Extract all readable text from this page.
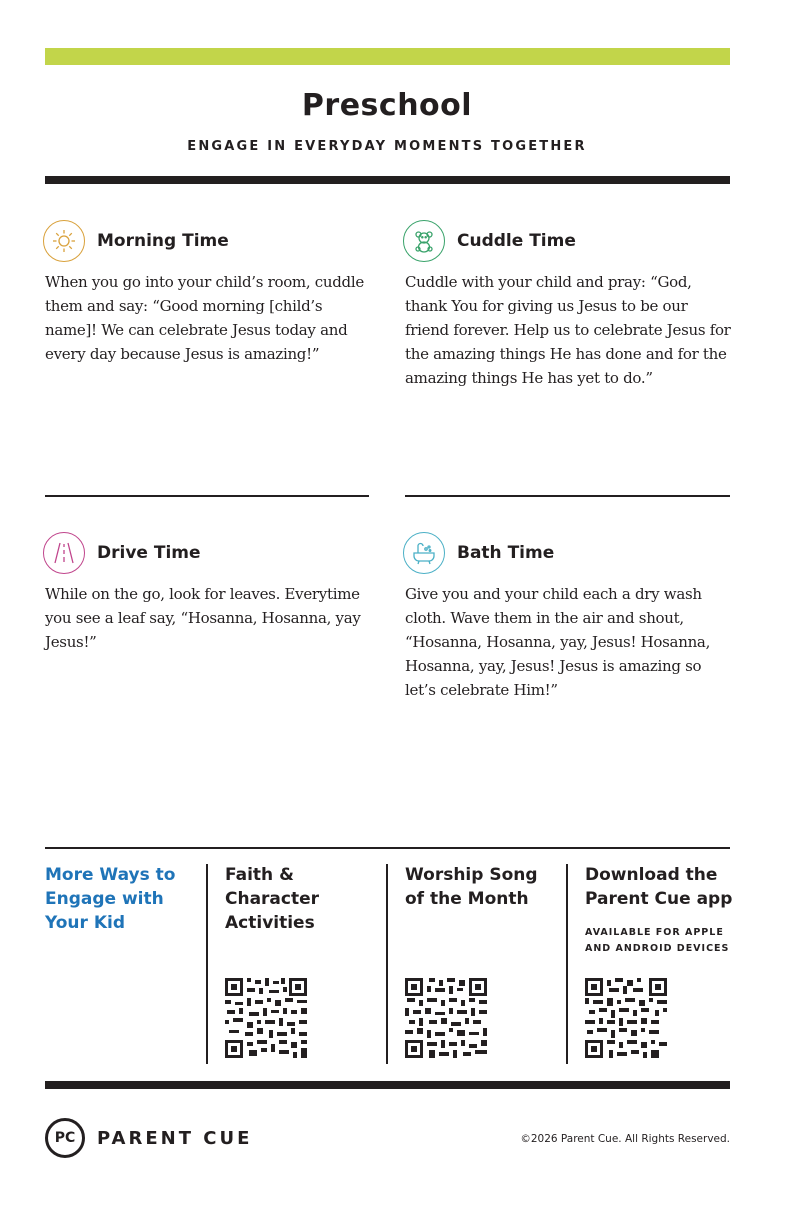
Preschool
ENGAGE IN EVERYDAY MOMENTS TOGETHER
Morning Time
When you go into your child’s room, cuddle them and say: “Good morning [child’s name]! We can celebrate Jesus today and every day because Jesus is amazing!”
Cuddle Time
Cuddle with your child and pray: “God, thank You for giving us Jesus to be our friend forever. Help us to celebrate Jesus for the amazing things He has done and for the amazing things He has yet to do.”
Drive Time
While on the go, look for leaves. Everytime you see a leaf say, “Hosanna, Hosanna, yay Jesus!”
Bath Time
Give you and your child each a dry wash cloth. Wave them in the air and shout, “Hosanna, Hosanna, yay, Jesus! Hosanna, Hosanna, yay, Jesus! Jesus is amazing so let’s celebrate Him!”
More Ways to Engage with Your Kid
Faith & Character Activities
Worship Song of the Month
Download the Parent Cue app
AVAILABLE FOR APPLE AND ANDROID DEVICES
PC	PARENT CUE	©2026 Parent Cue. All Rights Reserved.
